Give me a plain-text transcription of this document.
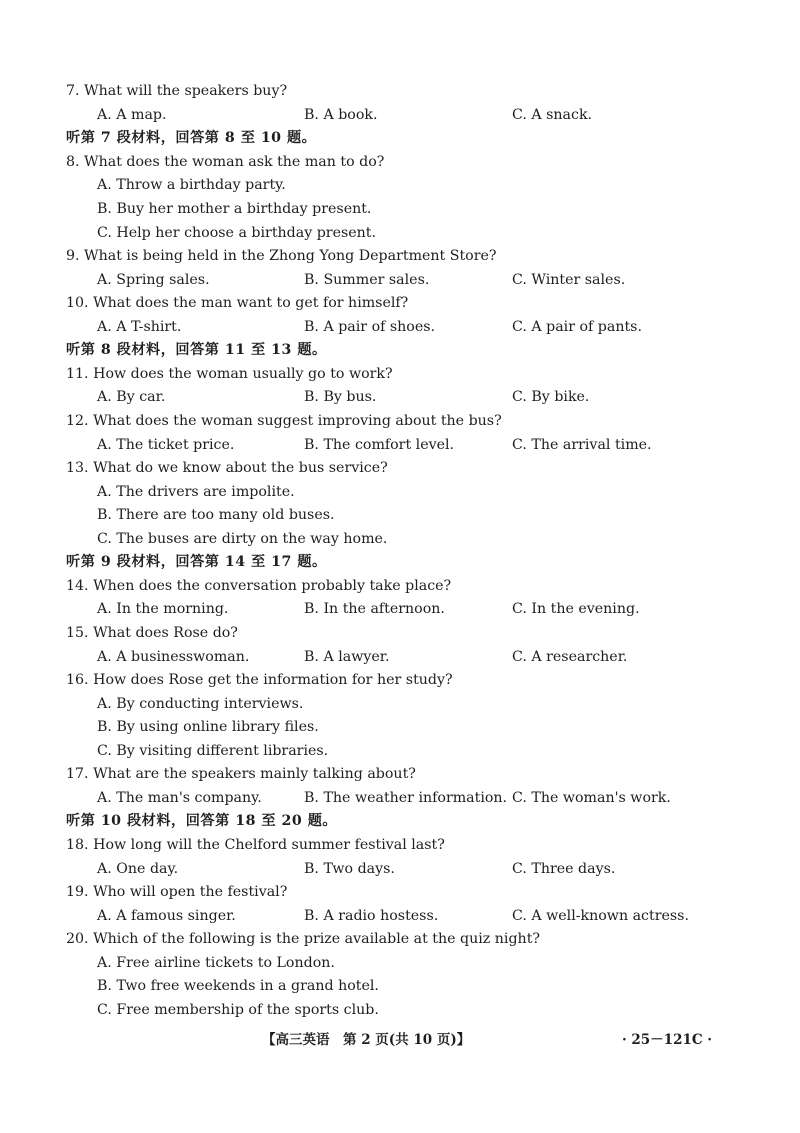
7. What will the speakers buy?
A. A map.	B. A book.	C. A snack.
听第 7 段材料，回答第 8 至 10 题。
8. What does the woman ask the man to do?
A. Throw a birthday party.
B. Buy her mother a birthday present.
C. Help her choose a birthday present.
9. What is being held in the Zhong Yong Department Store?
A. Spring sales.	B. Summer sales.	C. Winter sales.
10. What does the man want to get for himself?
A. A T-shirt.	B. A pair of shoes.	C. A pair of pants.
听第 8 段材料，回答第 11 至 13 题。
11. How does the woman usually go to work?
A. By car.	B. By bus.	C. By bike.
12. What does the woman suggest improving about the bus?
A. The ticket price.	B. The comfort level.	C. The arrival time.
13. What do we know about the bus service?
A. The drivers are impolite.
B. There are too many old buses.
C. The buses are dirty on the way home.
听第 9 段材料，回答第 14 至 17 题。
14. When does the conversation probably take place?
A. In the morning.	B. In the afternoon.	C. In the evening.
15. What does Rose do?
A. A businesswoman.	B. A lawyer.	C. A researcher.
16. How does Rose get the information for her study?
A. By conducting interviews.
B. By using online library files.
C. By visiting different libraries.
17. What are the speakers mainly talking about?
A. The man's company.	B. The weather information. C. The woman's work.
听第 10 段材料，回答第 18 至 20 题。
18. How long will the Chelford summer festival last?
A. One day.	B. Two days.	C. Three days.
19. Who will open the festival?
A. A famous singer.	B. A radio hostess.	C. A well-known actress.
20. Which of the following is the prize available at the quiz night?
A. Free airline tickets to London.
B. Two free weekends in a grand hotel.
C. Free membership of the sports club.
【高三英语　第 2 页(共 10 页)】	· 25－121C ·
